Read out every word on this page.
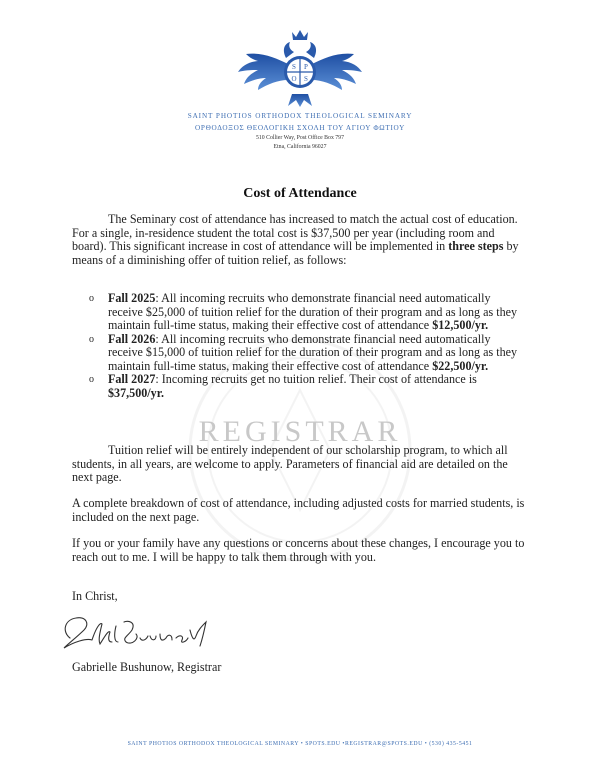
S P
O S
SAINT PHOTIOS ORTHODOX THEOLOGICAL SEMINARY
ΟΡΘΟΔΟΞΟΣ ΘΕΟΛΟΓΙΚΗ ΣΧΟΛΗ ΤΟΥ ΑΓΙΟΥ ΦΩΤΙΟΥ
510 Collier Way, Post Office Box 797
Etna, California 96027
REGISTRAR
Cost of Attendance
The Seminary cost of attendance has increased to match the actual cost of education. For a single, in-residence student the total cost is $37,500 per year (including room and board). This significant increase in cost of attendance will be implemented in three steps by means of a diminishing offer of tuition relief, as follows:
o Fall 2025: All incoming recruits who demonstrate financial need automatically receive $25,000 of tuition relief for the duration of their program and as long as they maintain full-time status, making their effective cost of attendance $12,500/yr.
o Fall 2026: All incoming recruits who demonstrate financial need automatically receive $15,000 of tuition relief for the duration of their program and as long as they maintain full-time status, making their effective cost of attendance $22,500/yr.
o Fall 2027: Incoming recruits get no tuition relief. Their cost of attendance is $37,500/yr.
Tuition relief will be entirely independent of our scholarship program, to which all students, in all years, are welcome to apply. Parameters of financial aid are detailed on the next page.
A complete breakdown of cost of attendance, including adjusted costs for married students, is included on the next page.
If you or your family have any questions or concerns about these changes, I encourage you to reach out to me. I will be happy to talk them through with you.
In Christ,
Gabrielle Bushunow, Registrar
SAINT PHOTIOS ORTHODOX THEOLOGICAL SEMINARY • SPOTS.EDU •REGISTRAR@SPOTS.EDU • (530) 435-5451
